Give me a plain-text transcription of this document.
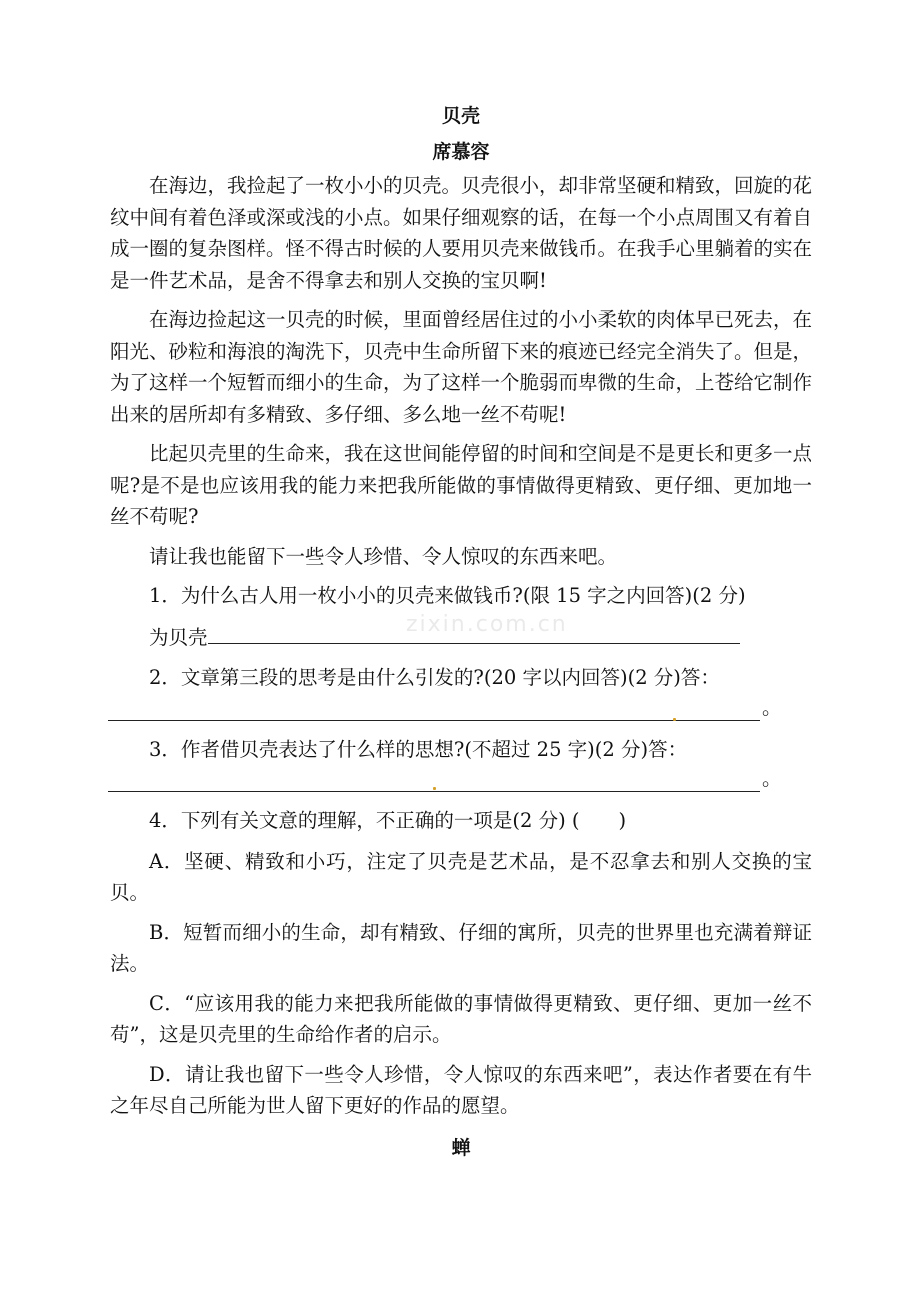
zixin.com.cn
贝壳
席慕容

在海边，我捡起了一枚小小的贝壳。贝壳很小，却非常坚硬和精致，回旋的花纹中间有着色泽或深或浅的小点。如果仔细观察的话，在每一个小点周围又有着自成一圈的复杂图样。怪不得古时候的人要用贝壳来做钱币。在我手心里躺着的实在是一件艺术品，是舍不得拿去和别人交换的宝贝啊!

在海边捡起这一贝壳的时候，里面曾经居住过的小小柔软的肉体早已死去，在阳光、砂粒和海浪的淘洗下，贝壳中生命所留下来的痕迹已经完全消失了。但是，为了这样一个短暂而细小的生命，为了这样一个脆弱而卑微的生命，上苍给它制作出来的居所却有多精致、多仔细、多么地一丝不苟呢!

比起贝壳里的生命来，我在这世间能停留的时间和空间是不是更长和更多一点呢?是不是也应该用我的能力来把我所能做的事情做得更精致、更仔细、更加地一丝不苟呢?

请让我也能留下一些令人珍惜、令人惊叹的东西来吧。

1．为什么古人用一枚小小的贝壳来做钱币?(限 15 字之内回答)(2 分)

为贝壳

2．文章第三段的思考是由什么引发的?(20 字以内回答)(2 分)答：

。

3．作者借贝壳表达了什么样的思想?(不超过 25 字)(2 分)答：

。

4．下列有关文意的理解，不正确的一项是(2 分) (　　)

A．坚硬、精致和小巧，注定了贝壳是艺术品，是不忍拿去和别人交换的宝贝。

B．短暂而细小的生命，却有精致、仔细的寓所，贝壳的世界里也充满着辩证法。

C．“应该用我的能力来把我所能做的事情做得更精致、更仔细、更加一丝不苟”，这是贝壳里的生命给作者的启示。

D．请让我也留下一些令人珍惜，令人惊叹的东西来吧”，表达作者要在有牛之年尽自己所能为世人留下更好的作品的愿望。

蝉
